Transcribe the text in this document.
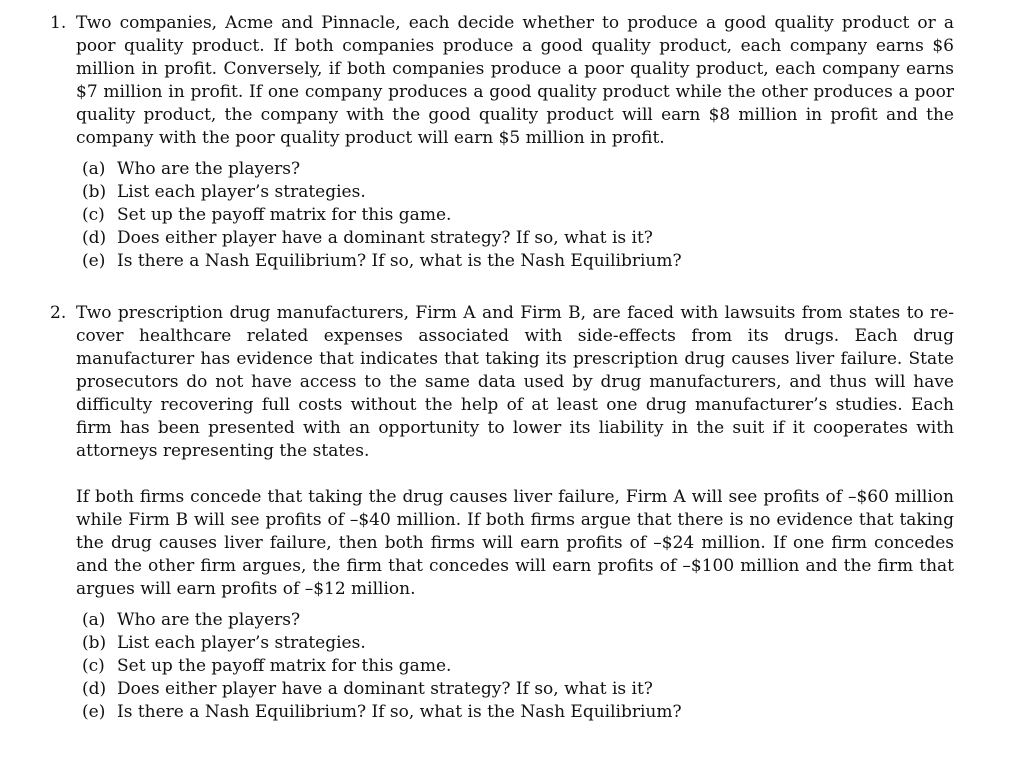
1. Two companies, Acme and Pinnacle, each decide whether to produce a good quality product or a poor quality product. If both companies produce a good quality product, each company earns $6 million in profit. Conversely, if both companies produce a poor quality product, each company earns $7 million in profit. If one company produces a good quality product while the other produces a poor quality product, the company with the good quality product will earn $8 million in profit and the company with the poor quality product will earn $5 million in profit.

(a) Who are the players?
(b) List each player’s strategies.
(c) Set up the payoff matrix for this game.
(d) Does either player have a dominant strategy? If so, what is it?
(e) Is there a Nash Equilibrium? If so, what is the Nash Equilibrium?
2. Two prescription drug manufacturers, Firm A and Firm B, are faced with lawsuits from states to recover healthcare related expenses associated with side-effects from its drugs. Each drug manufacturer has evidence that indicates that taking its prescription drug causes liver failure. State prosecutors do not have access to the same data used by drug manufacturers, and thus will have difficulty recovering full costs without the help of at least one drug manufacturer’s studies. Each firm has been presented with an opportunity to lower its liability in the suit if it cooperates with attorneys representing the states.

If both firms concede that taking the drug causes liver failure, Firm A will see profits of –$60 million while Firm B will see profits of –$40 million. If both firms argue that there is no evidence that taking the drug causes liver failure, then both firms will earn profits of –$24 million. If one firm concedes and the other firm argues, the firm that concedes will earn profits of –$100 million and the firm that argues will earn profits of –$12 million.

(a) Who are the players?
(b) List each player’s strategies.
(c) Set up the payoff matrix for this game.
(d) Does either player have a dominant strategy? If so, what is it?
(e) Is there a Nash Equilibrium? If so, what is the Nash Equilibrium?
